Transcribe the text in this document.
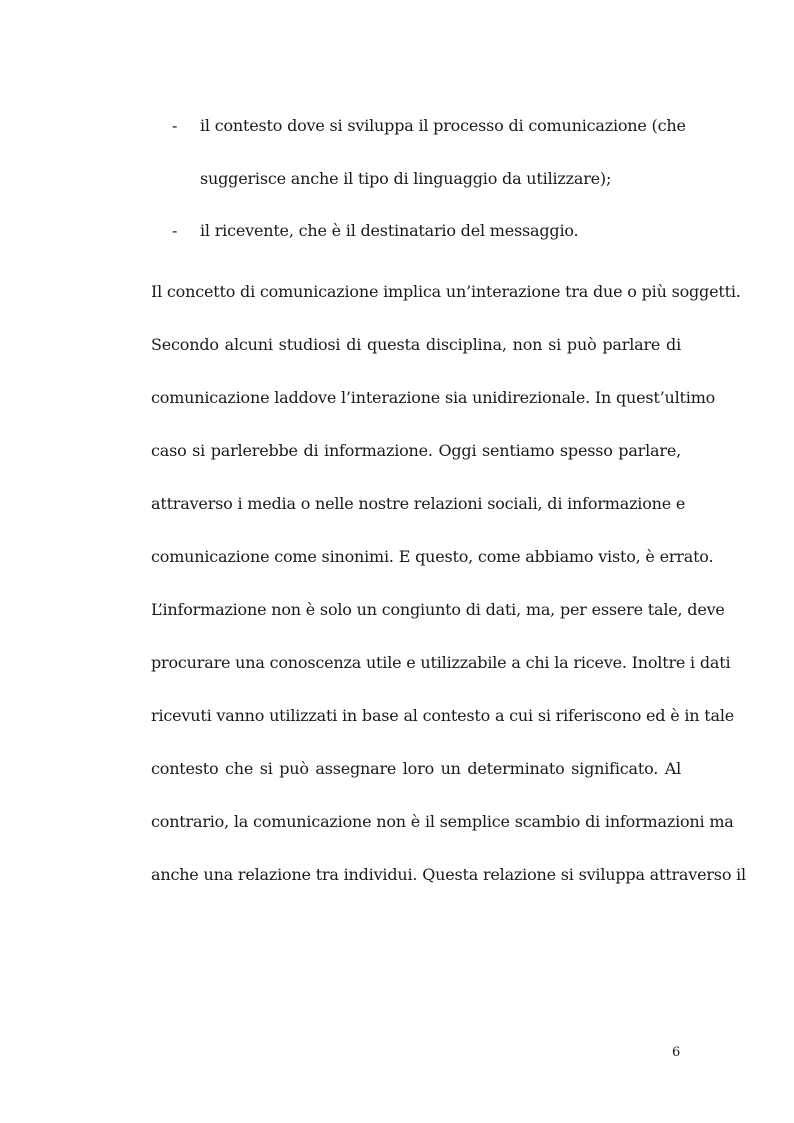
- il contesto dove si sviluppa il processo di comunicazione (che
suggerisce anche il tipo di linguaggio da utilizzare);
- il ricevente, che è il destinatario del messaggio.
Il concetto di comunicazione implica un’interazione tra due o più soggetti.
Secondo alcuni studiosi di questa disciplina, non si può parlare di
comunicazione laddove l’interazione sia unidirezionale. In quest’ultimo
caso si parlerebbe di informazione. Oggi sentiamo spesso parlare,
attraverso i media o nelle nostre relazioni sociali, di informazione e
comunicazione come sinonimi. E questo, come abbiamo visto, è errato.
L’informazione non è solo un congiunto di dati, ma, per essere tale, deve
procurare una conoscenza utile e utilizzabile a chi la riceve. Inoltre i dati
ricevuti vanno utilizzati in base al contesto a cui si riferiscono ed è in tale
contesto che si può assegnare loro un determinato significato. Al
contrario, la comunicazione non è il semplice scambio di informazioni ma
anche una relazione tra individui. Questa relazione si sviluppa attraverso il
6
